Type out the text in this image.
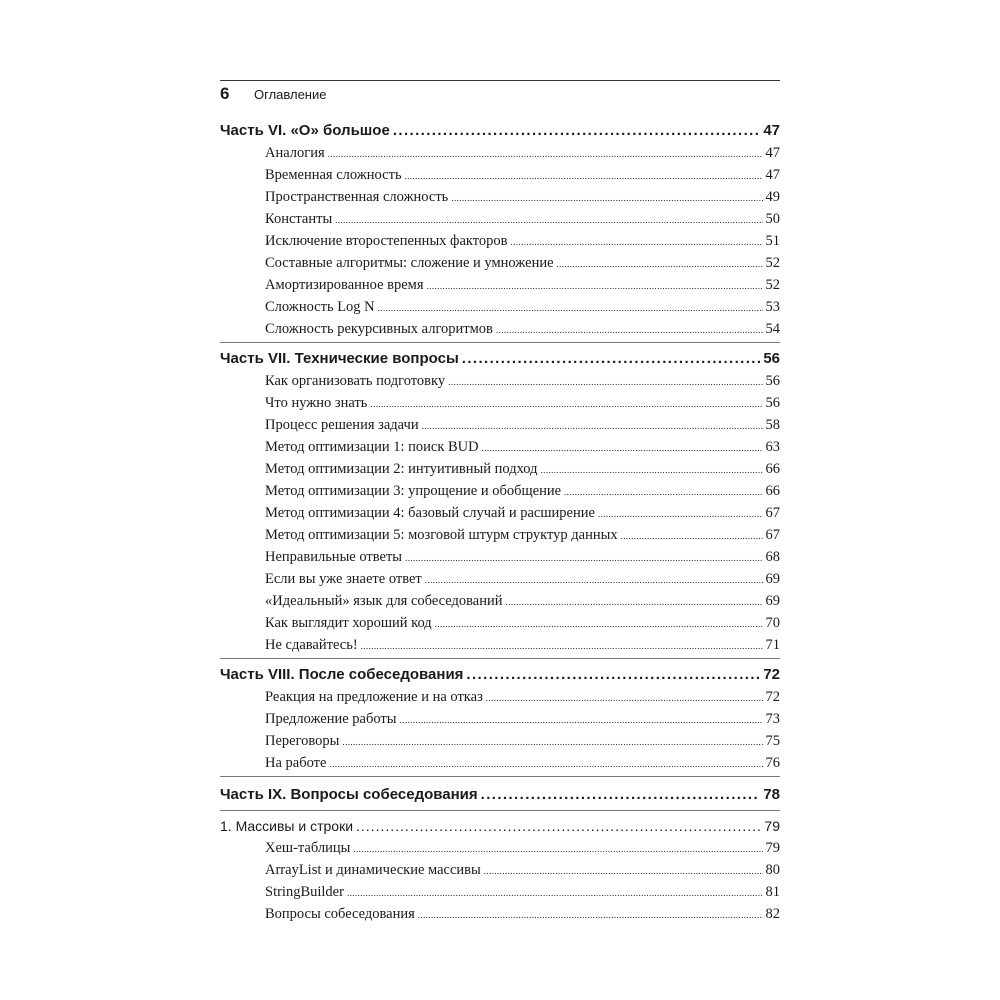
6	Оглавление
Часть VI. «O» большое .....	47
Аналогия .....	47
Временная сложность .....	47
Пространственная сложность .....	49
Константы .....	50
Исключение второстепенных факторов .....	51
Составные алгоритмы: сложение и умножение .....	52
Амортизированное время .....	52
Сложность Log N .....	53
Сложность рекурсивных алгоритмов .....	54
Часть VII. Технические вопросы .....	56
Как организовать подготовку .....	56
Что нужно знать .....	56
Процесс решения задачи .....	58
Метод оптимизации 1: поиск BUD .....	63
Метод оптимизации 2: интуитивный подход .....	66
Метод оптимизации 3: упрощение и обобщение .....	66
Метод оптимизации 4: базовый случай и расширение .....	67
Метод оптимизации 5: мозговой штурм структур данных .....	67
Неправильные ответы .....	68
Если вы уже знаете ответ .....	69
«Идеальный» язык для собеседований .....	69
Как выглядит хороший код .....	70
Не сдавайтесь! .....	71
Часть VIII. После собеседования .....	72
Реакция на предложение и на отказ .....	72
Предложение работы .....	73
Переговоры .....	75
На работе .....	76
Часть IX. Вопросы собеседования .....	78
1. Массивы и строки .....	79
Хеш-таблицы .....	79
ArrayList и динамические массивы .....	80
StringBuilder .....	81
Вопросы собеседования .....	82
